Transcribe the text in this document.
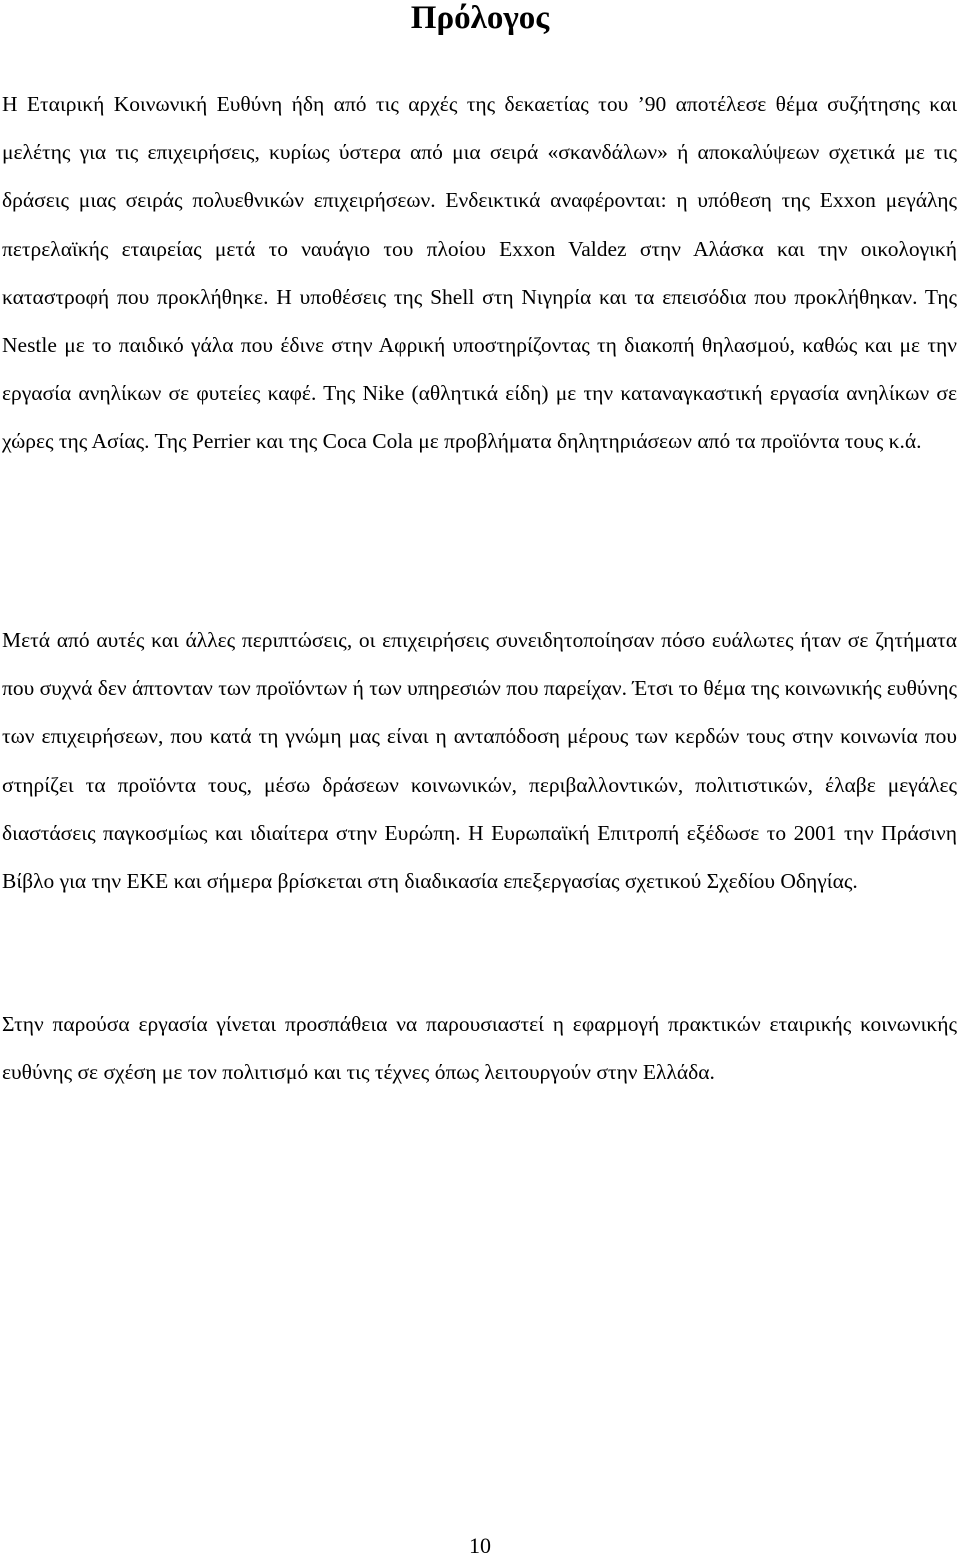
Πρόλογος

Η Εταιρική Κοινωνική Ευθύνη ήδη από τις αρχές της δεκαετίας του ’90 αποτέλεσε θέμα συζήτησης και μελέτης για τις επιχειρήσεις, κυρίως ύστερα από μια σειρά «σκανδάλων» ή αποκαλύψεων σχετικά με τις δράσεις μιας σειράς πολυεθνικών επιχειρήσεων. Ενδεικτικά αναφέρονται: η υπόθεση της Exxon μεγάλης πετρελαϊκής εταιρείας μετά το ναυάγιο του πλοίου Exxon Valdez στην Αλάσκα και την οικολογική καταστροφή που προκλήθηκε. Η υποθέσεις της Shell στη Νιγηρία και τα επεισόδια που προκλήθηκαν. Της Nestle με το παιδικό γάλα που έδινε στην Αφρική υποστηρίζοντας τη διακοπή θηλασμού, καθώς και με την εργασία ανηλίκων σε φυτείες καφέ. Της Nike (αθλητικά είδη) με την καταναγκαστική εργασία ανηλίκων σε χώρες της Ασίας. Της Perrier και της Coca Cola με προβλήματα δηλητηριάσεων από τα προϊόντα τους κ.ά.

Μετά από αυτές και άλλες περιπτώσεις, οι επιχειρήσεις συνειδητοποίησαν πόσο ευάλωτες ήταν σε ζητήματα που συχνά δεν άπτονταν των προϊόντων ή των υπηρεσιών που παρείχαν. Έτσι το θέμα της κοινωνικής ευθύνης των επιχειρήσεων, που κατά τη γνώμη μας είναι η ανταπόδοση μέρους των κερδών τους στην κοινωνία που στηρίζει τα προϊόντα τους, μέσω δράσεων κοινωνικών, περιβαλλοντικών, πολιτιστικών, έλαβε μεγάλες διαστάσεις παγκοσμίως και ιδιαίτερα στην Ευρώπη. Η Ευρωπαϊκή Επιτροπή εξέδωσε το 2001 την Πράσινη Βίβλο για την ΕΚΕ και σήμερα βρίσκεται στη διαδικασία επεξεργασίας σχετικού Σχεδίου Οδηγίας.

Στην παρούσα εργασία γίνεται προσπάθεια να παρουσιαστεί η εφαρμογή πρακτικών εταιρικής κοινωνικής ευθύνης σε σχέση με τον πολιτισμό και τις τέχνες όπως λειτουργούν στην Ελλάδα.

10
